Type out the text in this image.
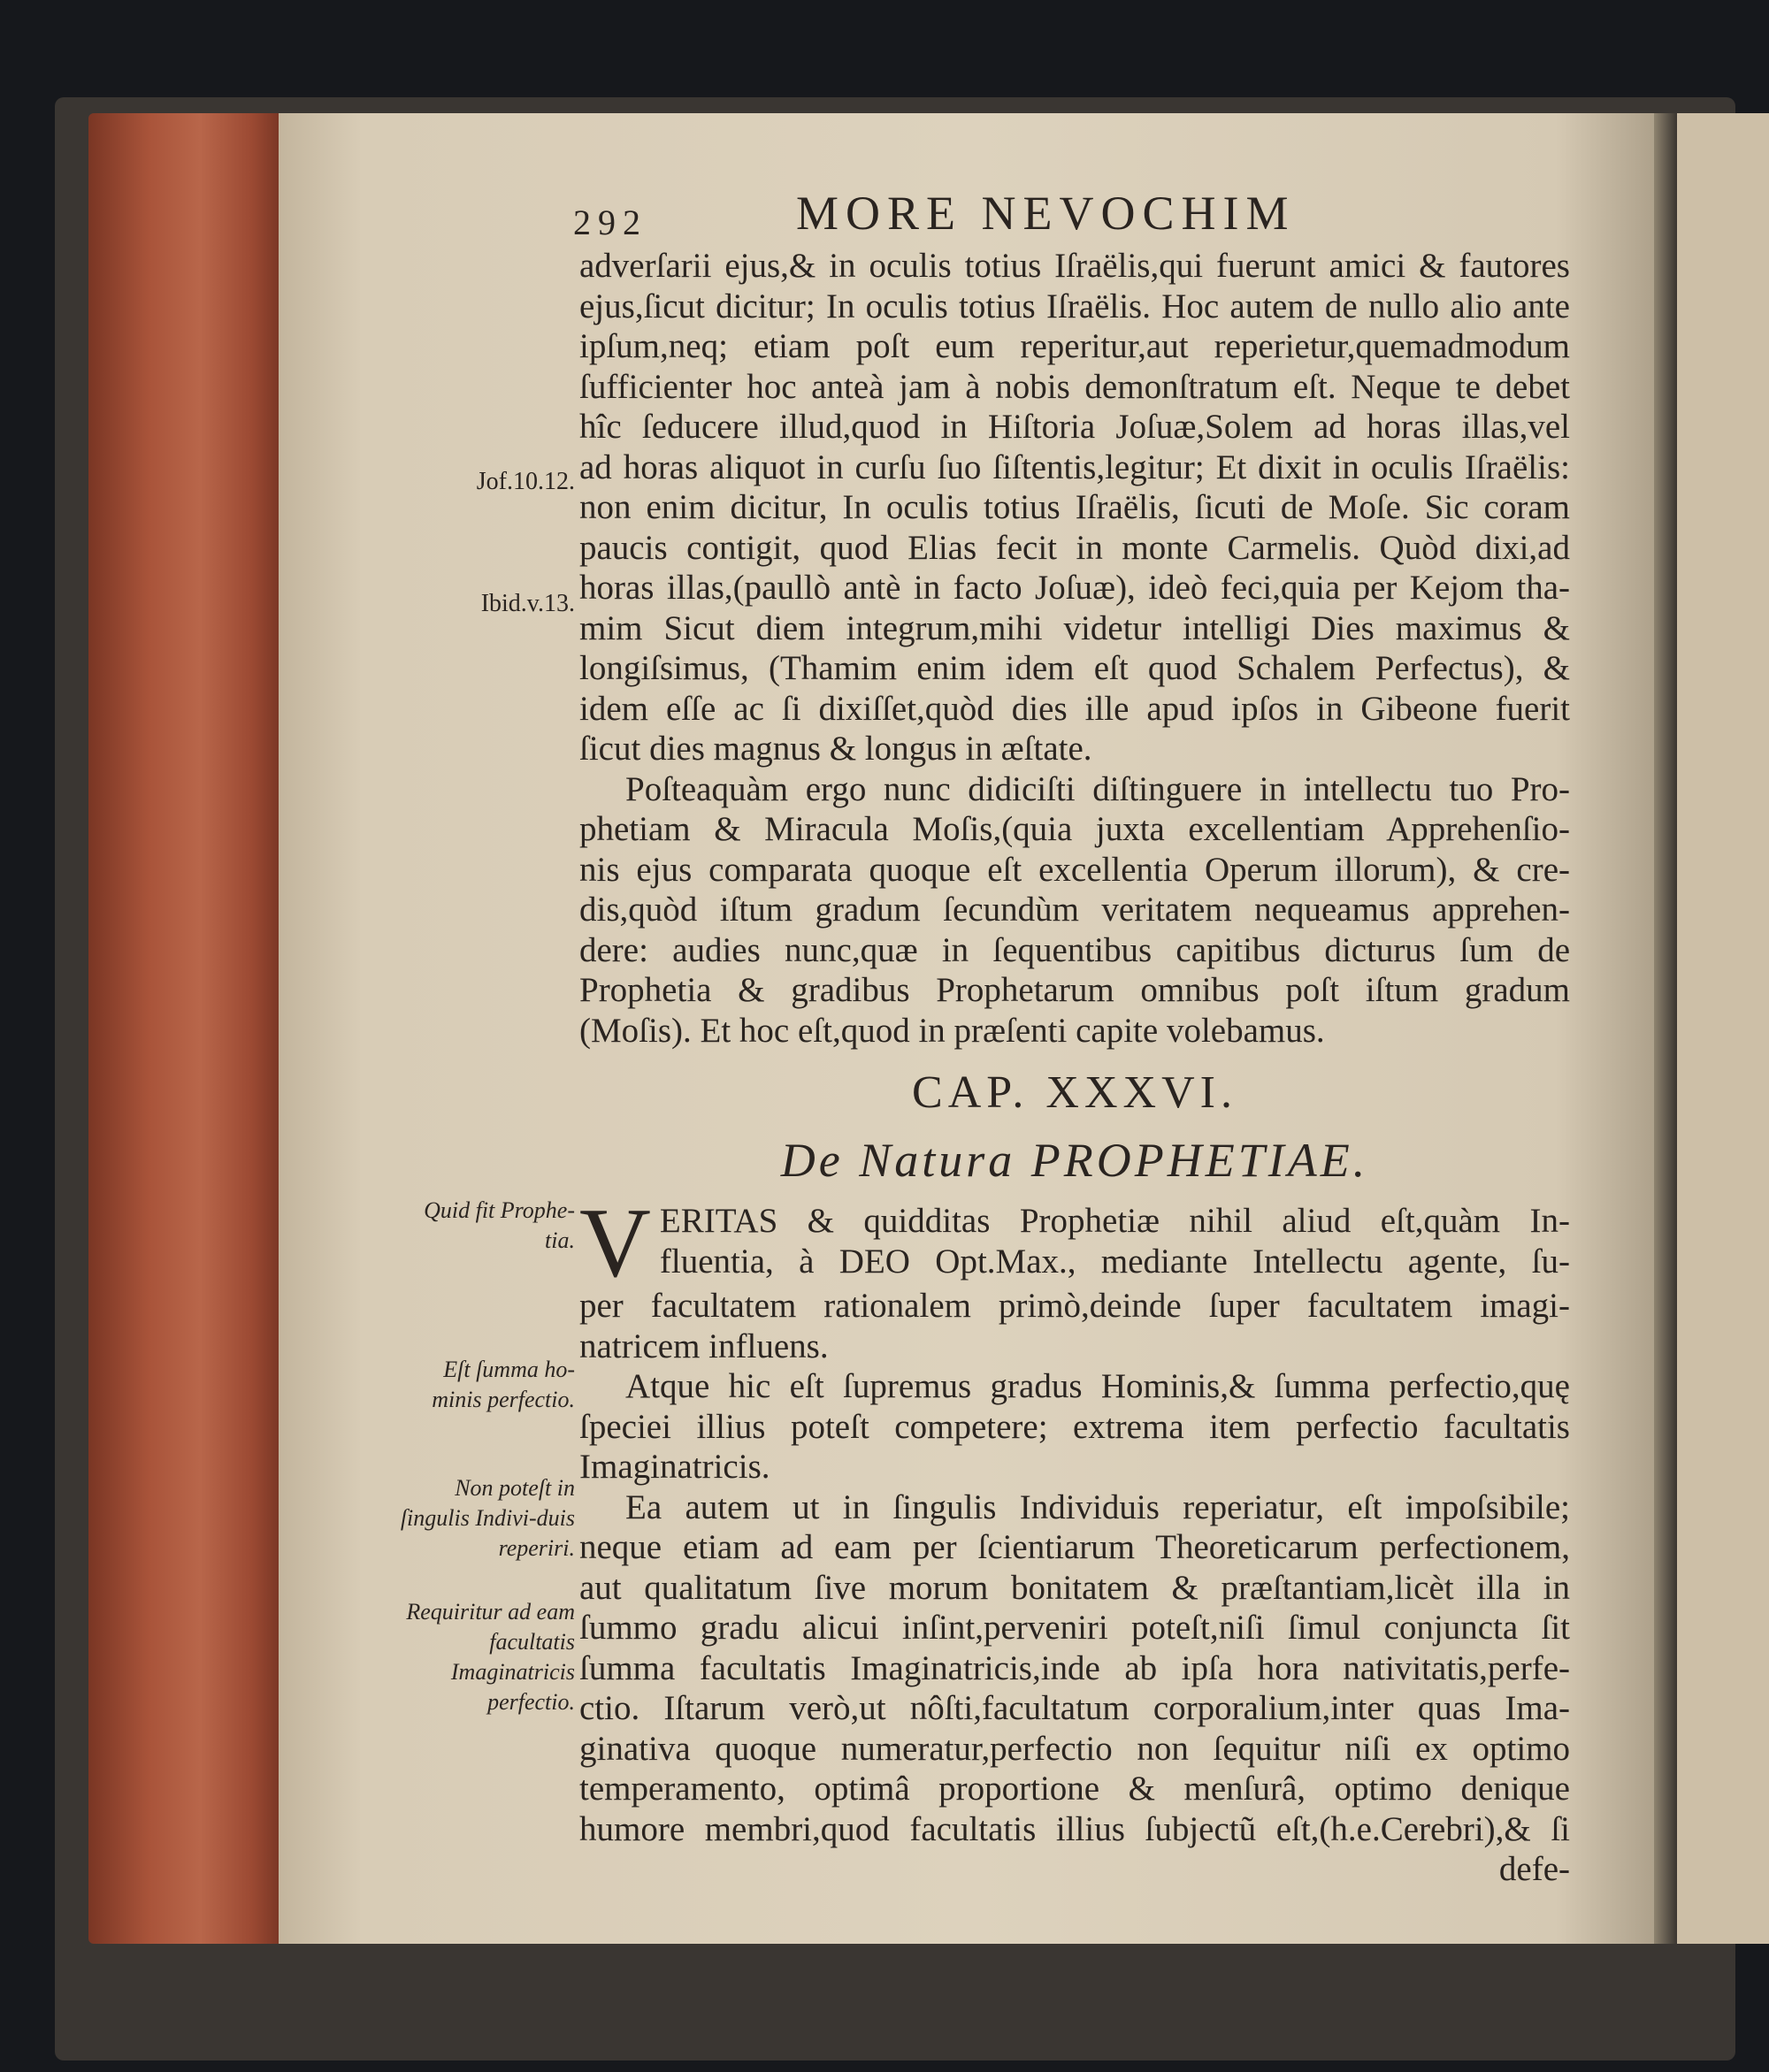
292	MORE NEVOCHIM
Jof.10.12.
Ibid.v.13.
Quid fit Prophe-tia.
Eſt ſumma ho-minis perfectio.
Non poteſt in ſingulis Indivi-duis reperiri.
Requiritur ad eam facultatis Imaginatricis perfectio.
adverſarii ejus,& in oculis totius Iſraëlis,qui fuerunt amici & fautores
ejus,ſicut dicitur; In oculis totius Iſraëlis. Hoc autem de nullo alio ante
ipſum,neq; etiam poſt eum reperitur,aut reperietur,quemadmodum
ſufficienter hoc anteà jam à nobis demonſtratum eſt. Neque te debet
hîc ſeducere illud,quod in Hiſtoria Joſuæ,Solem ad horas illas,vel
ad horas aliquot in curſu ſuo ſiſtentis,legitur; Et dixit in oculis Iſraëlis:
non enim dicitur, In oculis totius Iſraëlis, ſicuti de Moſe. Sic coram
paucis contigit, quod Elias fecit in monte Carmelis. Quòd dixi,ad
horas illas,(paullò antè in facto Joſuæ), ideò feci,quia per Kejom tha-
mim Sicut diem integrum,mihi videtur intelligi Dies maximus &
longiſsimus, (Thamim enim idem eſt quod Schalem Perfectus), &
idem eſſe ac ſi dixiſſet,quòd dies ille apud ipſos in Gibeone fuerit
ſicut dies magnus & longus in æſtate.
Poſteaquàm ergo nunc didiciſti diſtinguere in intellectu tuo Pro-
phetiam & Miracula Moſis,(quia juxta excellentiam Apprehenſio-
nis ejus comparata quoque eſt excellentia Operum illorum), & cre-
dis,quòd iſtum gradum ſecundùm veritatem nequeamus apprehen-
dere: audies nunc,quæ in ſequentibus capitibus dicturus ſum de
Prophetia & gradibus Prophetarum omnibus poſt iſtum gradum
(Moſis). Et hoc eſt,quod in præſenti capite volebamus.
CAP. XXXVI.
De Natura PROPHETIAE.
V ERITAS & quidditas Prophetiæ nihil aliud eſt,quàm In-
fluentia, à DEO Opt.Max., mediante Intellectu agente, ſu-
per facultatem rationalem primò,deinde ſuper facultatem imagi-
natricem influens.
Atque hic eſt ſupremus gradus Hominis,& ſumma perfectio,quę
ſpeciei illius poteſt competere; extrema item perfectio facultatis
Imaginatricis.
Ea autem ut in ſingulis Individuis reperiatur, eſt impoſsibile;
neque etiam ad eam per ſcientiarum Theoreticarum perfectionem,
aut qualitatum ſive morum bonitatem & præſtantiam,licèt illa in
ſummo gradu alicui inſint,perveniri poteſt,niſi ſimul conjuncta ſit
ſumma facultatis Imaginatricis,inde ab ipſa hora nativitatis,perfe-
ctio. Iſtarum verò,ut nôſti,facultatum corporalium,inter quas Ima-
ginativa quoque numeratur,perfectio non ſequitur niſi ex optimo
temperamento, optimâ proportione & menſurâ, optimo denique
humore membri,quod facultatis illius ſubjectũ eſt,(h.e.Cerebri),& ſi
defe-
